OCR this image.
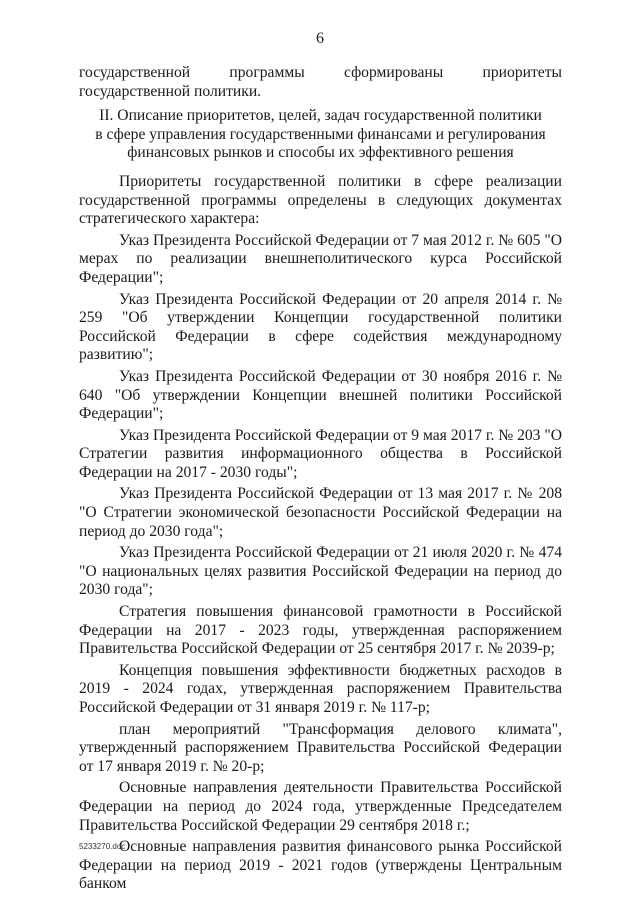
6

государственной программы сформированы приоритеты государственной политики.

II. Описание приоритетов, целей, задач государственной политики
в сфере управления государственными финансами и регулирования
финансовых рынков и способы их эффективного решения

Приоритеты государственной политики в сфере реализации государственной программы определены в следующих документах стратегического характера:

Указ Президента Российской Федерации от 7 мая 2012 г. № 605 "О мерах по реализации внешнеполитического курса Российской Федерации";

Указ Президента Российской Федерации от 20 апреля 2014 г. № 259 "Об утверждении Концепции государственной политики Российской Федерации в сфере содействия международному развитию";

Указ Президента Российской Федерации от 30 ноября 2016 г. № 640 "Об утверждении Концепции внешней политики Российской Федерации";

Указ Президента Российской Федерации от 9 мая 2017 г. № 203 "О Стратегии развития информационного общества в Российской Федерации на 2017 - 2030 годы";

Указ Президента Российской Федерации от 13 мая 2017 г. № 208 "О Стратегии экономической безопасности Российской Федерации на период до 2030 года";

Указ Президента Российской Федерации от 21 июля 2020 г. № 474 "О национальных целях развития Российской Федерации на период до 2030 года";

Стратегия повышения финансовой грамотности в Российской Федерации на 2017 - 2023 годы, утвержденная распоряжением Правительства Российской Федерации от 25 сентября 2017 г. № 2039-р;

Концепция повышения эффективности бюджетных расходов в 2019 - 2024 годах, утвержденная распоряжением Правительства Российской Федерации от 31 января 2019 г. № 117-р;

план мероприятий "Трансформация делового климата", утвержденный распоряжением Правительства Российской Федерации от 17 января 2019 г. № 20-р;

Основные направления деятельности Правительства Российской Федерации на период до 2024 года, утвержденные Председателем Правительства Российской Федерации 29 сентября 2018 г.;

Основные направления развития финансового рынка Российской Федерации на период 2019 - 2021 годов (утверждены Центральным банком

5233270.doc
